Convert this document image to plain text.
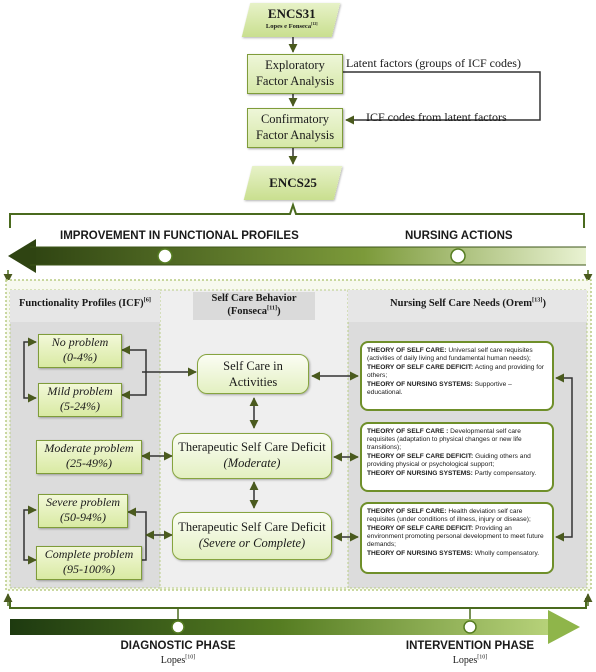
ENCS31
Lopes e Fonseca[12]
Exploratory
Factor Analysis
Latent factors (groups of ICF codes)
Confirmatory
Factor Analysis
ICF codes from latent factors
ENCS25
IMPROVEMENT IN FUNCTIONAL PROFILES	NURSING ACTIONS
Functionality Profiles (ICF)[6]	Self Care Behavior
(Fonseca[11])
Nursing Self Care Needs (Orem[13])
No problem
(0-4%)
Mild problem
(5-24%)
Moderate problem
(25-49%)
Severe problem
(50-94%)
Complete problem
(95-100%)
Self Care in
Activities
Therapeutic Self Care Deficit
(Moderate)
Therapeutic Self Care Deficit
(Severe or Complete)

THEORY OF SELF CARE: Universal self care requisites (activities of daily living and fundamental human needs);

THEORY OF SELF CARE DEFICIT: Acting and providing for others;

THEORY OF NURSING SYSTEMS: Supportive – educational.

THEORY OF SELF CARE : Developmental self care requisites (adaptation to physical changes or new life transitions);

THEORY OF SELF CARE DEFICIT: Guiding others and providing physical or psychological support;

THEORY OF NURSING SYSTEMS: Partly compensatory.

THEORY OF SELF CARE: Health deviation self care requisites (under conditions of illness, injury or disease);

THEORY OF SELF CARE DEFICIT: Providing an environment promoting personal development to meet future demands;

THEORY OF NURSING SYSTEMS: Wholly compensatory.

DIAGNOSTIC PHASE
Lopes[10]
INTERVENTION PHASE
Lopes[10]
